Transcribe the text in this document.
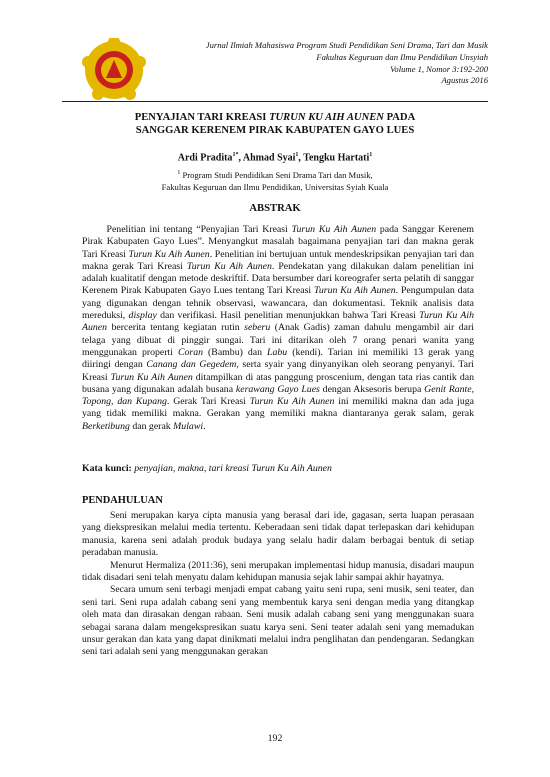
Jurnal Ilmiah Mahasiswa Program Studi Pendidikan Seni Drama, Tari dan Musik
Fakultas Keguruan dan Ilmu Pendidikan Unsyiah
Volume 1, Nomor 3:192-200
Agustus 2016
PENYAJIAN TARI KREASI TURUN KU AIH AUNEN PADA
SANGGAR KERENEM PIRAK KABUPATEN GAYO LUES
Ardi Pradita$^{1*}$, Ahmad Syai$^1$, Tengku Hartati$^1$
$^1$ Program Studi Pendidikan Seni Drama Tari dan Musik,
Fakultas Keguruan dan Ilmu Pendidikan, Universitas Syiah Kuala
ABSTRAK

   Penelitian ini tentang “Penyajian Tari Kreasi Turun Ku Aih Aunen pada Sanggar Kerenem Pirak Kabupaten Gayo Lues”. Menyangkut masalah bagaimana penyajian tari dan makna gerak Tari Kreasi Turun Ku Aih Aunen. Penelitian ini bertujuan untuk mendeskripsikan penyajian tari dan makna gerak Tari Kreasi Turun Ku Aih Aunen. Pendekatan yang dilakukan dalam penelitian ini adalah kualitatif dengan metode deskriftif. Data bersumber dari koreografer serta pelatih di sanggar Kerenem Pirak Kabupaten Gayo Lues tentang Tari Kreasi Turun Ku Aih Aunen. Pengumpulan data yang digunakan dengan tehnik observasi, wawancara, dan dokumentasi. Teknik analisis data mereduksi, display dan verifikasi. Hasil penelitian menunjukkan bahwa Tari Kreasi Turun Ku Aih Aunen bercerita tentang kegiatan rutin seberu (Anak Gadis) zaman dahulu mengambil air dari telaga yang dibuat di pinggir sungai. Tari ini ditarikan oleh 7 orang penari wanita yang menggunakan properti Coran (Bambu) dan Labu (kendi). Tarian ini memiliki 13 gerak yang diiringi dengan Canang dan Gegedem, serta syair yang dinyanyikan oleh seorang penyanyi. Tari Kreasi Turun Ku Aih Aunen ditampilkan di atas panggung proscenium, dengan tata rias cantik dan busana yang digunakan adalah busana kerawang Gayo Lues dengan Aksesoris berupa Genit Rante, Topong, dan Kupang. Gerak Tari Kreasi Turun Ku Aih Aunen ini memiliki makna dan ada juga yang tidak memiliki makna. Gerakan yang memiliki makna diantaranya gerak salam, gerak Berketibung dan gerak Mulawi.

Kata kunci: penyajian, makna, tari kreasi Turun Ku Aih Aunen
PENDAHULUAN

Seni merupakan karya cipta manusia yang berasal dari ide, gagasan, serta luapan perasaan yang diekspresikan melalui media tertentu. Keberadaan seni tidak dapat terlepaskan dari kehidupan manusia, karena seni adalah produk budaya yang selalu hadir dalam berbagai bentuk di setiap peradaban manusia.

Menurut Hermaliza (2011:36), seni merupakan implementasi hidup manusia, disadari maupun tidak disadari seni telah menyatu dalam kehidupan manusia sejak lahir sampai akhir hayatnya.

Secara umum seni terbagi menjadi empat cabang yaitu seni rupa, seni musik, seni teater, dan seni tari. Seni rupa adalah cabang seni yang membentuk karya seni dengan media yang ditangkap oleh mata dan dirasakan dengan rabaan. Seni musik adalah cabang seni yang menggunakan suara sebagai sarana dalam mengekspresikan suatu karya seni. Seni teater adalah seni yang memadukan unsur gerakan dan kata yang dapat dinikmati melalui indra penglihatan dan pendengaran. Sedangkan seni tari adalah seni yang menggunakan gerakan

192
